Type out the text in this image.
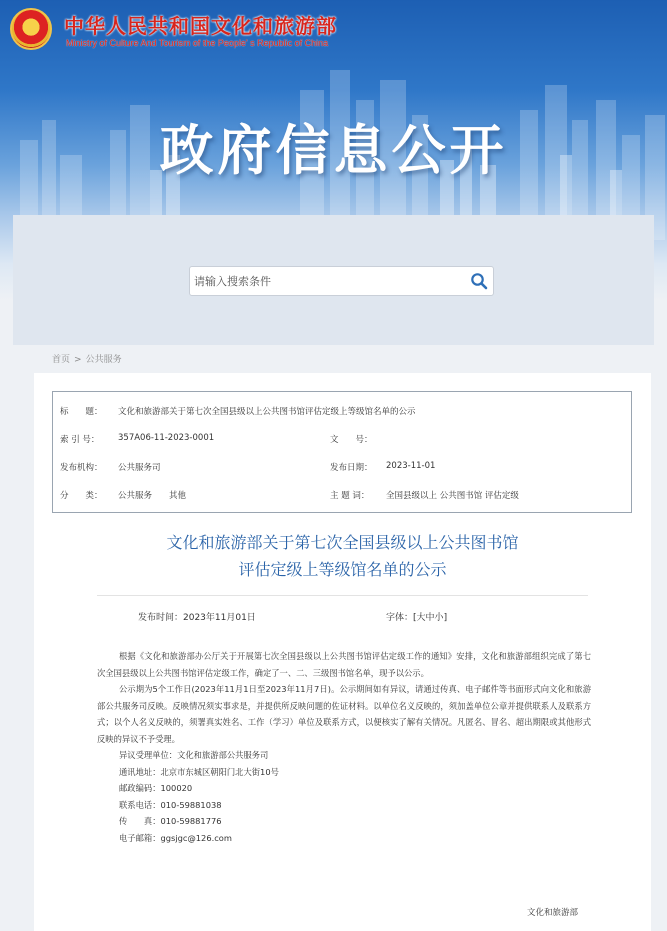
中华人民共和国文化和旅游部
Ministry of Culture And Tourism of the People' s Republic of China
政府信息公开
请输入搜索条件
首页 > 公共服务
标　　题： 文化和旅游部关于第七次全国县级以上公共图书馆评估定级上等级馆名单的公示
索 引 号： 357A06-11-2023-0001	文　　号：
发布机构： 公共服务司	发布日期： 2023-11-01
分　　类： 公共服务　　其他	主 题 词： 全国县级以上 公共图书馆 评估定级
文化和旅游部关于第七次全国县级以上公共图书馆
评估定级上等级馆名单的公示
发布时间：2023年11月01日	字体：[大中小]

根据《文化和旅游部办公厅关于开展第七次全国县级以上公共图书馆评估定级工作的通知》安排，文化和旅游部组织完成了第七次全国县级以上公共图书馆评估定级工作，确定了一、二、三级图书馆名单，现予以公示。

公示期为5个工作日(2023年11月1日至2023年11月7日)。公示期间如有异议，请通过传真、电子邮件等书面形式向文化和旅游部公共服务司反映。反映情况须实事求是，并提供所反映问题的佐证材料。以单位名义反映的，须加盖单位公章并提供联系人及联系方式；以个人名义反映的，须署真实姓名、工作（学习）单位及联系方式，以便核实了解有关情况。凡匿名、冒名、超出期限或其他形式反映的异议不予受理。

异议受理单位：文化和旅游部公共服务司
通讯地址：北京市东城区朝阳门北大街10号
邮政编码：100020
联系电话：010-59881038
传　　真：010-59881776
电子邮箱：ggsjgc@126.com
文化和旅游部
